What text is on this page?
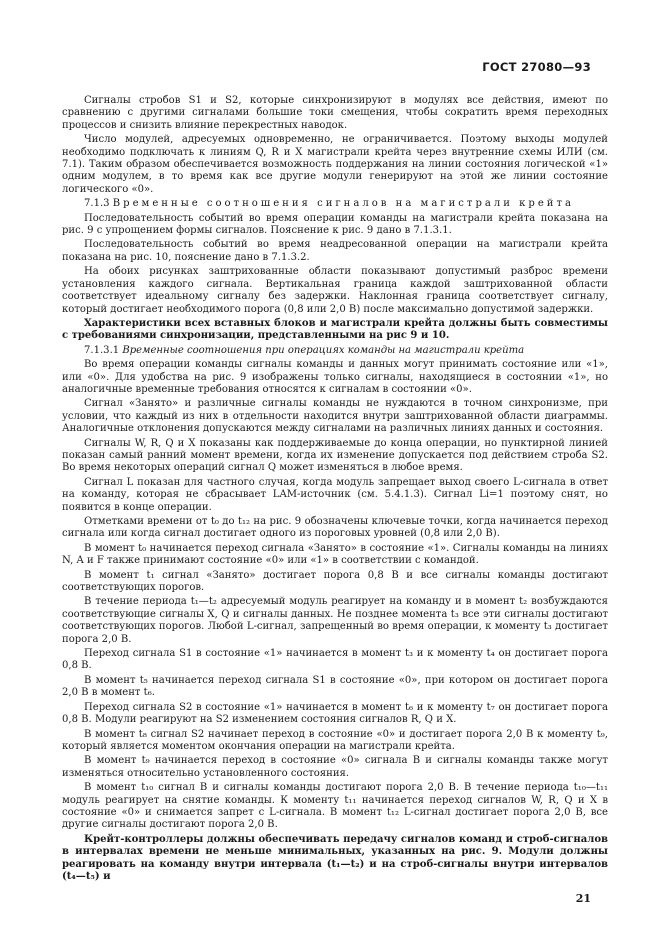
ГОСТ 27080—93

Сигналы стробов S1 и S2, которые синхронизируют в модулях все действия, имеют по сравнению с другими сигналами большие токи смещения, чтобы сократить время переходных процессов и снизить влияние перекрестных наводок.

Число модулей, адресуемых одновременно, не ограничивается. Поэтому выходы модулей необходимо подключать к линиям Q, R и X магистрали крейта через внутренние схемы ИЛИ (см. 7.1). Таким образом обеспечивается возможность поддержания на линии состояния логической «1» одним модулем, в то время как все другие модули генерируют на этой же линии состояние логического «0».

7.1.3 Временные соотношения сигналов на магистрали крейта

Последовательность событий во время операции команды на магистрали крейта показана на рис. 9 с упрощением формы сигналов. Пояснение к рис. 9 дано в 7.1.3.1.

Последовательность событий во время неадресованной операции на магистрали крейта показана на рис. 10, пояснение дано в 7.1.3.2.

На обоих рисунках заштрихованные области показывают допустимый разброс времени установления каждого сигнала. Вертикальная граница каждой заштрихованной области соответствует идеальному сигналу без задержки. Наклонная граница соответствует сигналу, который достигает необходимого порога (0,8 или 2,0 В) после максимально допустимой задержки.

Характеристики всех вставных блоков и магистрали крейта должны быть совместимы с требованиями синхронизации, представленными на рис 9 и 10.

7.1.3.1 Временные соотношения при операциях команды на магистрали крейта

Во время операции команды сигналы команды и данных могут принимать состояние или «1», или «0». Для удобства на рис. 9 изображены только сигналы, находящиеся в состоянии «1», но аналогичные временные требования относятся к сигналам в состоянии «0».

Сигнал «Занято» и различные сигналы команды не нуждаются в точном синхронизме, при условии, что каждый из них в отдельности находится внутри заштрихованной области диаграммы. Аналогичные отклонения допускаются между сигналами на различных линиях данных и состояния.

Сигналы W, R, Q и X показаны как поддерживаемые до конца операции, но пунктирной линией показан самый ранний момент времени, когда их изменение допускается под действием строба S2. Во время некоторых операций сигнал Q может изменяться в любое время.

Сигнал L показан для частного случая, когда модуль запрещает выход своего L-сигнала в ответ на команду, которая не сбрасывает LAM-источник (см. 5.4.1.3). Сигнал Li=1 поэтому снят, но появится в конце операции.

Отметками времени от t₀ до t₁₂ на рис. 9 обозначены ключевые точки, когда начинается переход сигнала или когда сигнал достигает одного из пороговых уровней (0,8 или 2,0 В).

В момент t₀ начинается переход сигнала «Занято» в состояние «1». Сигналы команды на линиях N, A и F также принимают состояние «0» или «1» в соответствии с командой.

В момент t₁ сигнал «Занято» достигает порога 0,8 В и все сигналы команды достигают соответствующих порогов.

В течение периода t₁—t₂ адресуемый модуль реагирует на команду и в момент t₂ возбуждаются соответствующие сигналы X, Q и сигналы данных. Не позднее момента t₃ все эти сигналы достигают соответствующих порогов. Любой L-сигнал, запрещенный во время операции, к моменту t₃ достигает порога 2,0 В.

Переход сигнала S1 в состояние «1» начинается в момент t₃ и к моменту t₄ он достигает порога 0,8 В.

В момент t₅ начинается переход сигнала S1 в состояние «0», при котором он достигает порога 2,0 В в момент t₆.

Переход сигнала S2 в состояние «1» начинается в момент t₆ и к моменту t₇ он достигает порога 0,8 В. Модули реагируют на S2 изменением состояния сигналов R, Q и X.

В момент t₈ сигнал S2 начинает переход в состояние «0» и достигает порога 2,0 В к моменту t₉, который является моментом окончания операции на магистрали крейта.

В момент t₉ начинается переход в состояние «0» сигнала В и сигналы команды также могут изменяться относительно установленного состояния.

В момент t₁₀ сигнал В и сигналы команды достигают порога 2,0 В. В течение периода t₁₀—t₁₁ модуль реагирует на снятие команды. К моменту t₁₁ начинается переход сигналов W, R, Q и X в состояние «0» и снимается запрет с L-сигнала. В момент t₁₂ L-сигнал достигает порога 2,0 В, все другие сигналы достигают порога 2,0 В.

Крейт-контроллеры должны обеспечивать передачу сигналов команд и строб-сигналов в интервалах времени не меньше минимальных, указанных на рис. 9. Модули должны реагировать на команду внутри интервала (t₁—t₂) и на строб-сигналы внутри интервалов (t₄—t₅) и

21
